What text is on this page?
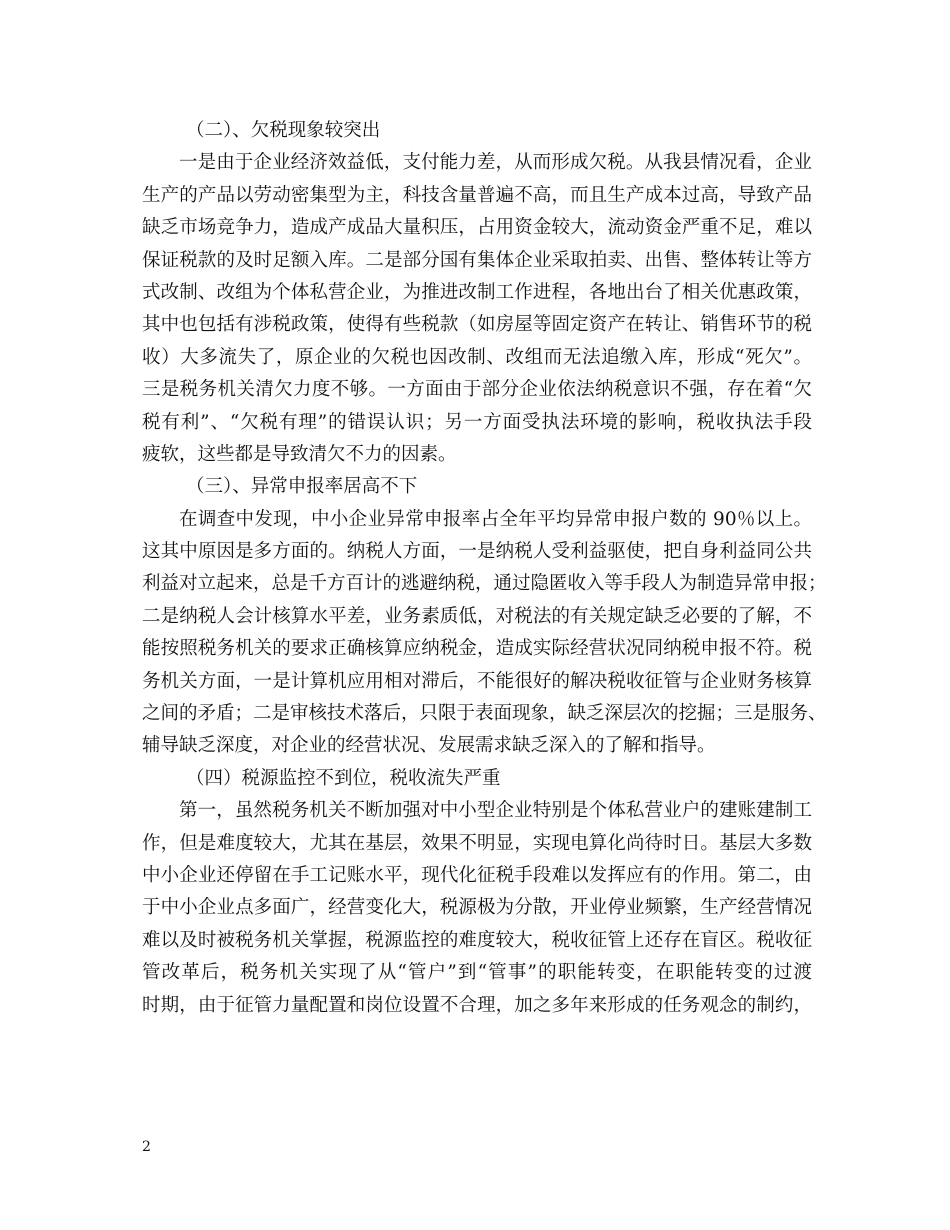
（二）、欠税现象较突出
一是由于企业经济效益低，支付能力差，从而形成欠税。从我县情况看，企业
生产的产品以劳动密集型为主，科技含量普遍不高，而且生产成本过高，导致产品
缺乏市场竞争力，造成产成品大量积压，占用资金较大，流动资金严重不足，难以
保证税款的及时足额入库。二是部分国有集体企业采取拍卖、出售、整体转让等方
式改制、改组为个体私营企业，为推进改制工作进程，各地出台了相关优惠政策，
其中也包括有涉税政策，使得有些税款（如房屋等固定资产在转让、销售环节的税
收）大多流失了，原企业的欠税也因改制、改组而无法追缴入库，形成“死欠”。
三是税务机关清欠力度不够。一方面由于部分企业依法纳税意识不强，存在着“欠
税有利”、“欠税有理”的错误认识；另一方面受执法环境的影响，税收执法手段
疲软，这些都是导致清欠不力的因素。
（三）、异常申报率居高不下
在调查中发现，中小企业异常申报率占全年平均异常申报户数的 90％以上。
这其中原因是多方面的。纳税人方面，一是纳税人受利益驱使，把自身利益同公共
利益对立起来，总是千方百计的逃避纳税，通过隐匿收入等手段人为制造异常申报；
二是纳税人会计核算水平差，业务素质低，对税法的有关规定缺乏必要的了解，不
能按照税务机关的要求正确核算应纳税金，造成实际经营状况同纳税申报不符。税
务机关方面，一是计算机应用相对滞后，不能很好的解决税收征管与企业财务核算
之间的矛盾；二是审核技术落后，只限于表面现象，缺乏深层次的挖掘；三是服务、
辅导缺乏深度，对企业的经营状况、发展需求缺乏深入的了解和指导。
（四）税源监控不到位，税收流失严重
第一，虽然税务机关不断加强对中小型企业特别是个体私营业户的建账建制工
作，但是难度较大，尤其在基层，效果不明显，实现电算化尚待时日。基层大多数
中小企业还停留在手工记账水平，现代化征税手段难以发挥应有的作用。第二，由
于中小企业点多面广，经营变化大，税源极为分散，开业停业频繁，生产经营情况
难以及时被税务机关掌握，税源监控的难度较大，税收征管上还存在盲区。税收征
管改革后，税务机关实现了从“管户”到“管事”的职能转变，在职能转变的过渡
时期，由于征管力量配置和岗位设置不合理，加之多年来形成的任务观念的制约，
2
